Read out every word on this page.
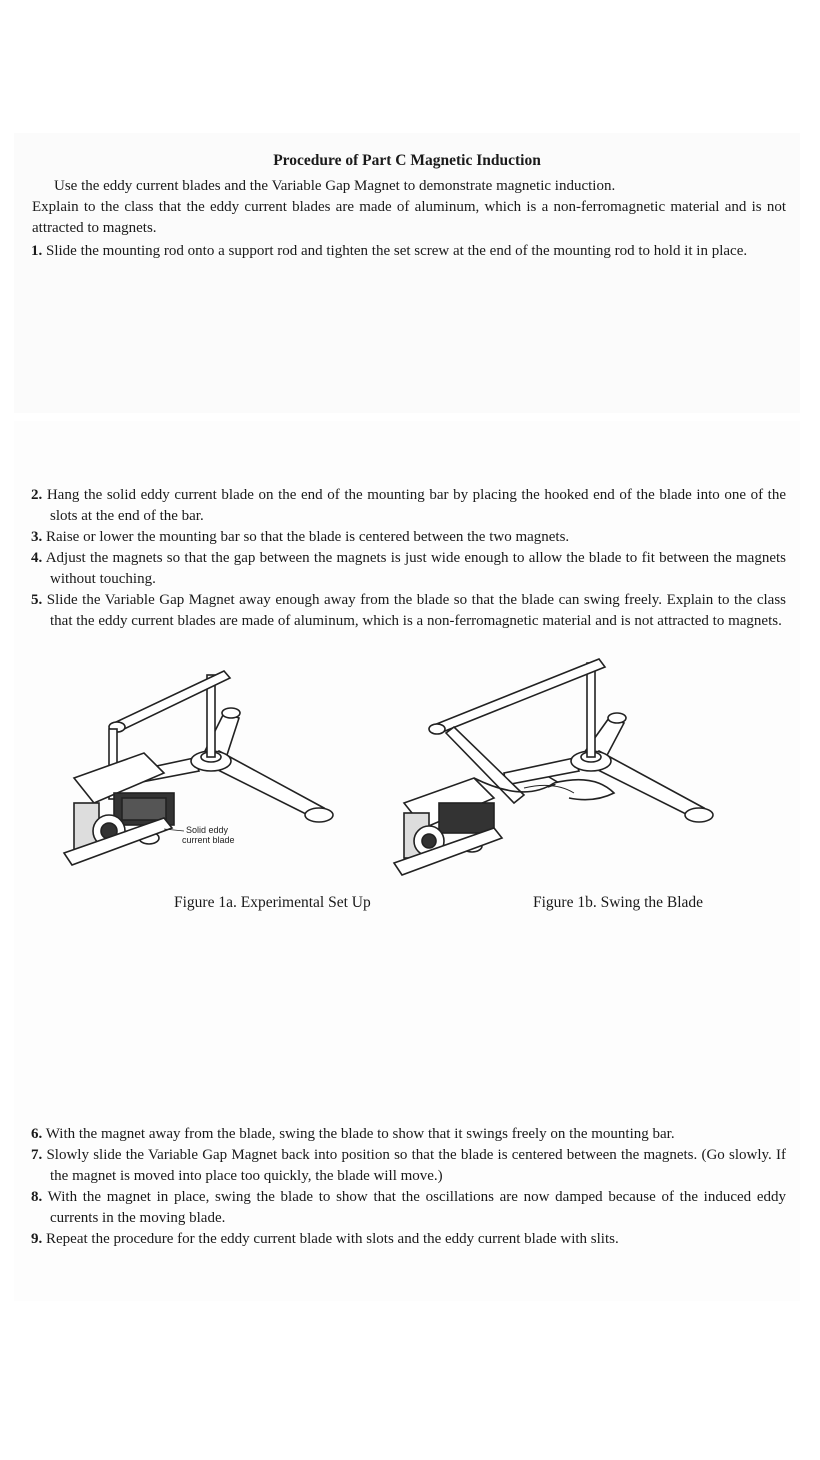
Procedure of Part C Magnetic Induction

Use the eddy current blades and the Variable Gap Magnet to demonstrate magnetic induction.

Explain to the class that the eddy current blades are made of aluminum, which is a non-ferromagnetic material and is not attracted to magnets.

1. Slide the mounting rod onto a support rod and tighten the set screw at the end of the mounting rod to hold it in place.

2. Hang the solid eddy current blade on the end of the mounting bar by placing the hooked end of the blade into one of the slots at the end of the bar.

3. Raise or lower the mounting bar so that the blade is centered between the two magnets.

4. Adjust the magnets so that the gap between the magnets is just wide enough to allow the blade to fit between the magnets without touching.

5. Slide the Variable Gap Magnet away enough away from the blade so that the blade can swing freely. Explain to the class that the eddy current blades are made of aluminum, which is a non-ferromagnetic material and is not attracted to magnets.

Solid eddy
current blade
Figure 1a. Experimental Set Up	Figure 1b. Swing the Blade

6. With the magnet away from the blade, swing the blade to show that it swings freely on the mounting bar.

7. Slowly slide the Variable Gap Magnet back into position so that the blade is centered between the magnets. (Go slowly. If the magnet is moved into place too quickly, the blade will move.)

8. With the magnet in place, swing the blade to show that the oscillations are now damped because of the induced eddy currents in the moving blade.

9. Repeat the procedure for the eddy current blade with slots and the eddy current blade with slits.
